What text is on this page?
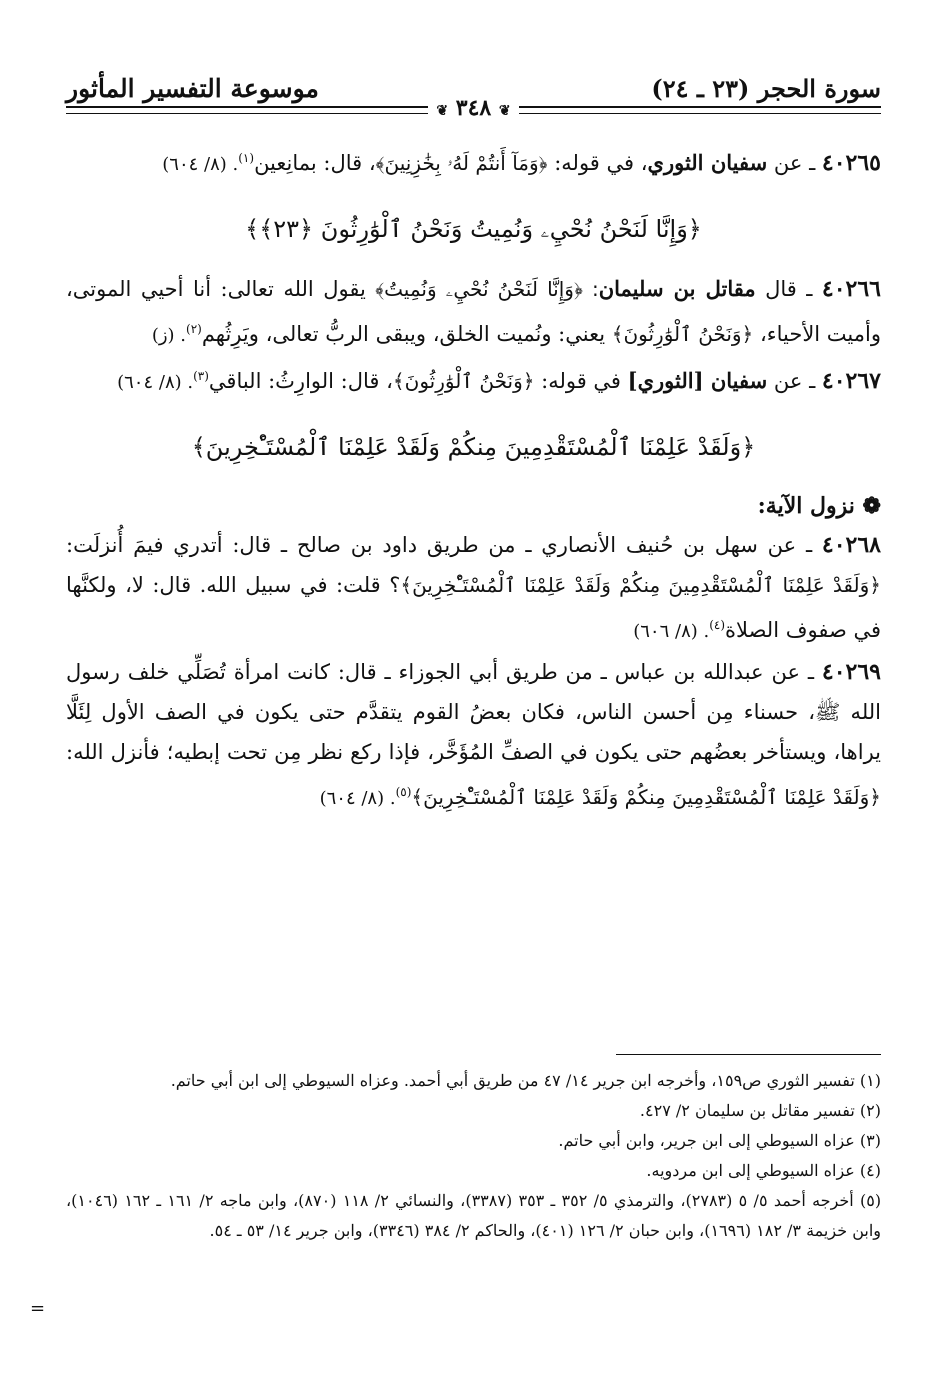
موسوعة التفسير المأثور	سورة الحجر (٢٣ ـ ٢٤)
❦ ٣٤٨ ❦

٤٠٢٦٥ ـ عن سفيان الثوري، في قوله: ﴿وَمَآ أَنتُمْ لَهُۥ بِخَٰزِنِينَ﴾، قال: بمانِعين$^{(١)}$. (٨/ ٦٠٤)

﴿وَإِنَّا لَنَحْنُ نُحْيِۦ وَنُمِيتُ وَنَحْنُ ٱلْوَٰرِثُونَ ﴿٢٣﴾﴾

٤٠٢٦٦ ـ قال مقاتل بن سليمان: ﴿وَإِنَّا لَنَحْنُ نُحْيِۦ وَنُمِيتُ﴾ يقول الله تعالى: أنا أحيي الموتى، وأميت الأحياء، ﴿وَنَحْنُ ٱلْوَٰرِثُونَ﴾ يعني: ونُميت الخلق، ويبقى الربُّ تعالى، ويَرِثُهم$^{(٢)}$. (ز)

٤٠٢٦٧ ـ عن سفيان [الثوري] في قوله: ﴿وَنَحْنُ ٱلْوَٰرِثُونَ﴾، قال: الوارِثُ: الباقي$^{(٣)}$. (٨/ ٦٠٤)

﴿وَلَقَدْ عَلِمْنَا ٱلْمُسْتَقْدِمِينَ مِنكُمْ وَلَقَدْ عَلِمْنَا ٱلْمُسْتَـْٔخِرِينَ﴾

❁ نزول الآية:

٤٠٢٦٨ ـ عن سهل بن حُنيف الأنصاري ـ من طريق داود بن صالح ـ قال: أتدري فيمَ أُنزلَت: ﴿وَلَقَدْ عَلِمْنَا ٱلْمُسْتَقْدِمِينَ مِنكُمْ وَلَقَدْ عَلِمْنَا ٱلْمُسْتَـْٔخِرِينَ﴾؟ قلت: في سبيل الله. قال: لا، ولكنَّها في صفوف الصلاة$^{(٤)}$. (٨/ ٦٠٦)

٤٠٢٦٩ ـ عن عبدالله بن عباس ـ من طريق أبي الجوزاء ـ قال: كانت امرأة تُصَلِّي خلف رسول الله ﷺ، حسناء مِن أحسن الناس، فكان بعضُ القوم يتقدَّم حتى يكون في الصف الأول لِئَلَّا يراها، ويستأخر بعضُهم حتى يكون في الصفِّ المُؤَخَّر، فإذا ركع نظر مِن تحت إبطيه؛ فأنزل الله: ﴿وَلَقَدْ عَلِمْنَا ٱلْمُسْتَقْدِمِينَ مِنكُمْ وَلَقَدْ عَلِمْنَا ٱلْمُسْتَـْٔخِرِينَ﴾$^{(٥)}$. (٨/ ٦٠٤)

(١) تفسير الثوري ص١٥٩، وأخرجه ابن جرير ١٤/ ٤٧ من طريق أبي أحمد. وعزاه السيوطي إلى ابن أبي حاتم.

(٢) تفسير مقاتل بن سليمان ٢/ ٤٢٧.

(٣) عزاه السيوطي إلى ابن جرير، وابن أبي حاتم.

(٤) عزاه السيوطي إلى ابن مردويه.

(٥) أخرجه أحمد ٥/ ٥ (٢٧٨٣)، والترمذي ٥/ ٣٥٢ ـ ٣٥٣ (٣٣٨٧)، والنسائي ٢/ ١١٨ (٨٧٠)، وابن ماجه ٢/ ١٦١ ـ ١٦٢ (١٠٤٦)، وابن خزيمة ٣/ ١٨٢ (١٦٩٦)، وابن حبان ٢/ ١٢٦ (٤٠١)، والحاكم ٢/ ٣٨٤ (٣٣٤٦)، وابن جرير ١٤/ ٥٣ ـ ٥٤.

=
